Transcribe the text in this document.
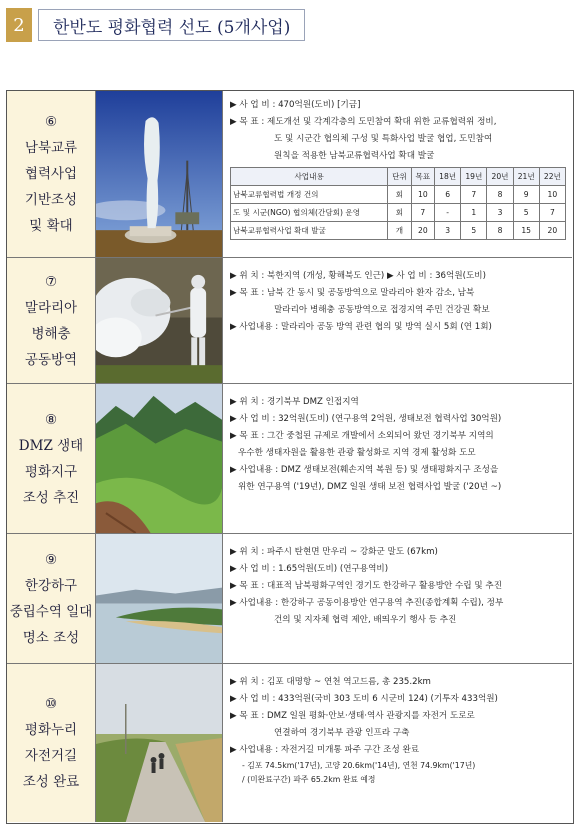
2	한반도 평화협력 선도 (5개사업)
⑥
남북교류
협력사업
기반조성
및 확대
▶ 사 업 비 : 470억원(도비) [기금]
▶ 목 표 : 제도개선 및 각계각층의 도민참여 확대 위한 교류협력위 정비,
도 및 시군간 협의체 구성 및 특화사업 발굴 협업, 도민참여
원칙을 적용한 남북교류협력사업 확대 발굴
사업내용	단위	목표	18년	19년	20년	21년	22년
남북교류협력법 개정 건의	회	10	6	7	8	9	10
도 및 시군(NGO) 협의체(간담회) 운영	회	7	-	1	3	5	7
남북교류협력사업 확대 발굴	개	20	3	5	8	15	20
⑦
말라리아
병해충
공동방역
▶ 위 치 : 북한지역 (개성, 황해북도 인근) ▶ 사 업 비 : 36억원(도비)
▶ 목 표 : 남북 간 동시 및 공동방역으로 말라리아 환자 감소, 남북
말라리아 병해충 공동방역으로 접경지역 주민 건강권 확보
▶ 사업내용 : 말라리아 공동 방역 관련 협의 및 방역 실시 5회 (연 1회)
⑧
DMZ 생태
평화지구
조성 추진
▶ 위 치 : 경기북부 DMZ 인접지역
▶ 사 업 비 : 32억원(도비) (연구용역 2억원, 생태보전 협력사업 30억원)
▶ 목 표 : 그간 중첩된 규제로 개발에서 소외되어 왔던 경기북부 지역의
우수한 생태자원을 활용한 관광 활성화로 지역 경제 활성화 도모
▶ 사업내용 : DMZ 생태보전(훼손지역 복원 등) 및 생태평화지구 조성을
위한 연구용역 ('19년), DMZ 일원 생태 보전 협력사업 발굴 ('20년 ~)
⑨
한강하구
중립수역 일대
명소 조성
▶ 위 치 : 파주시 탄현면 만우리 ~ 강화군 말도 (67km)
▶ 사 업 비 : 1.65억원(도비) (연구용역비)
▶ 목 표 : 대표적 남북평화구역인 경기도 한강하구 활용방안 수립 및 추진
▶ 사업내용 : 한강하구 공동이용방안 연구용역 추진(종합계획 수립), 정부
건의 및 지자체 협력 제안, 배띄우기 행사 등 추진
⑩
평화누리
자전거길
조성 완료
▶ 위 치 : 김포 대명항 ~ 연천 역고드름, 총 235.2km
▶ 사 업 비 : 433억원(국비 303 도비 6 시군비 124) (기투자 433억원)
▶ 목 표 : DMZ 일원 평화·안보·생태·역사 관광지를 자전거 도로로
연결하여 경기북부 관광 인프라 구축
▶ 사업내용 : 자전거길 미개통 파주 구간 조성 완료
- 김포 74.5km('17년), 고양 20.6km('14년), 연천 74.9km('17년)
/ (미완료구간) 파주 65.2km 완료 예정
